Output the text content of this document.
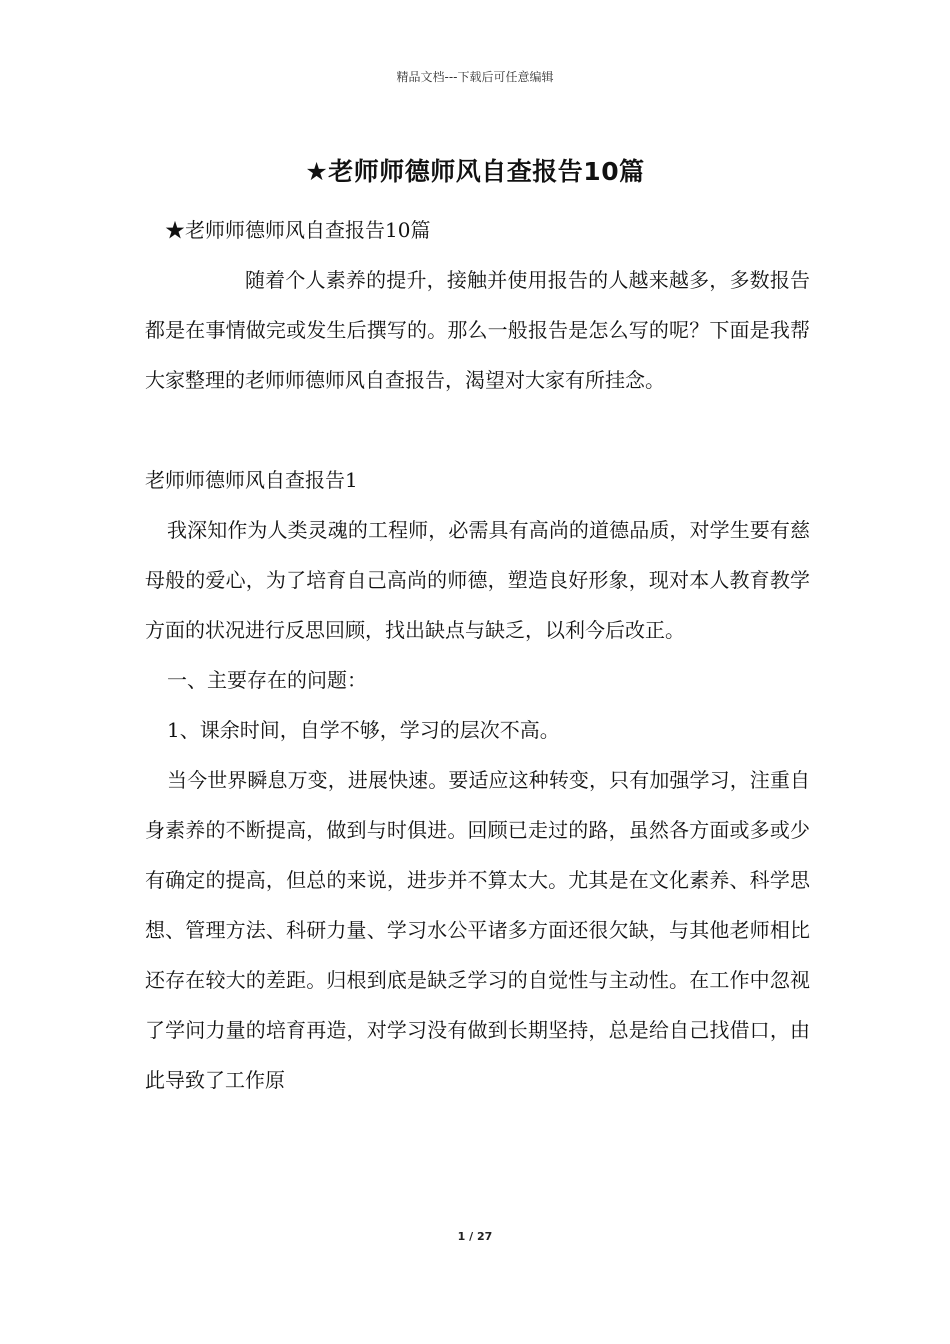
精品文档---下载后可任意编辑
★老师师德师风自查报告10篇

★老师师德师风自查报告10篇

随着个人素养的提升，接触并使用报告的人越来越多，多数报告都是在事情做完或发生后撰写的。那么一般报告是怎么写的呢？下面是我帮大家整理的老师师德师风自查报告，渴望对大家有所挂念。

老师师德师风自查报告1

我深知作为人类灵魂的工程师，必需具有高尚的道德品质，对学生要有慈母般的爱心，为了培育自己高尚的师德，塑造良好形象，现对本人教育教学方面的状况进行反思回顾，找出缺点与缺乏，以利今后改正。

一、主要存在的问题：

1、课余时间，自学不够，学习的层次不高。

当今世界瞬息万变，进展快速。要适应这种转变，只有加强学习，注重自身素养的不断提高，做到与时俱进。回顾已走过的路，虽然各方面或多或少有确定的提高，但总的来说，进步并不算太大。尤其是在文化素养、科学思想、管理方法、科研力量、学习水公平诸多方面还很欠缺，与其他老师相比还存在较大的差距。归根到底是缺乏学习的自觉性与主动性。在工作中忽视了学问力量的培育再造，对学习没有做到长期坚持，总是给自己找借口，由此导致了工作原

1 / 27
